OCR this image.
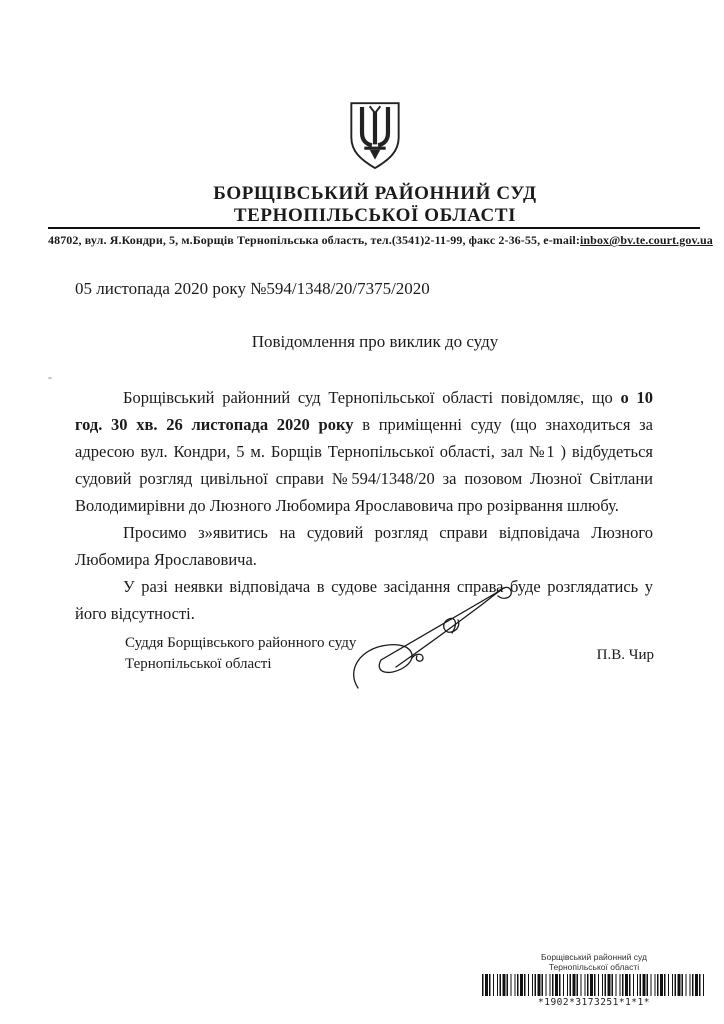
БОРЩІВСЬКИЙ РАЙОННИЙ СУД
ТЕРНОПІЛЬСЬКОЇ ОБЛАСТІ
48702, вул. Я.Кондри, 5, м.Борщів Тернопільська область, тел.(3541)2-11-99, факс 2-36-55, e-mail:inbox@bv.te.court.gov.ua
05 листопада 2020 року №594/1348/20/7375/2020
Повідомлення про виклик до суду

Борщівський районний суд Тернопільської області повідомляє, що о 10 год. 30 хв. 26 листопада 2020 року в приміщенні суду (що знаходиться за адресою вул. Кондри, 5 м. Борщів Тернопільської області, зал №1 ) відбудеться судовий розгляд цивільної справи №594/1348/20 за позовом Люзної Світлани Володимирівни до Люзного Любомира Ярославовича про розірвання шлюбу.

Просимо з»явитись на судовий розгляд справи відповідача Люзного Любомира Ярославовича.

У разі неявки відповідача в судове засідання справа буде розглядатись у його відсутності.

Суддя Борщівського районного суду
Тернопільської області
П.В. Чир
Борщівський районний суд
Тернопільської області
*1902*3173251*1*1*
